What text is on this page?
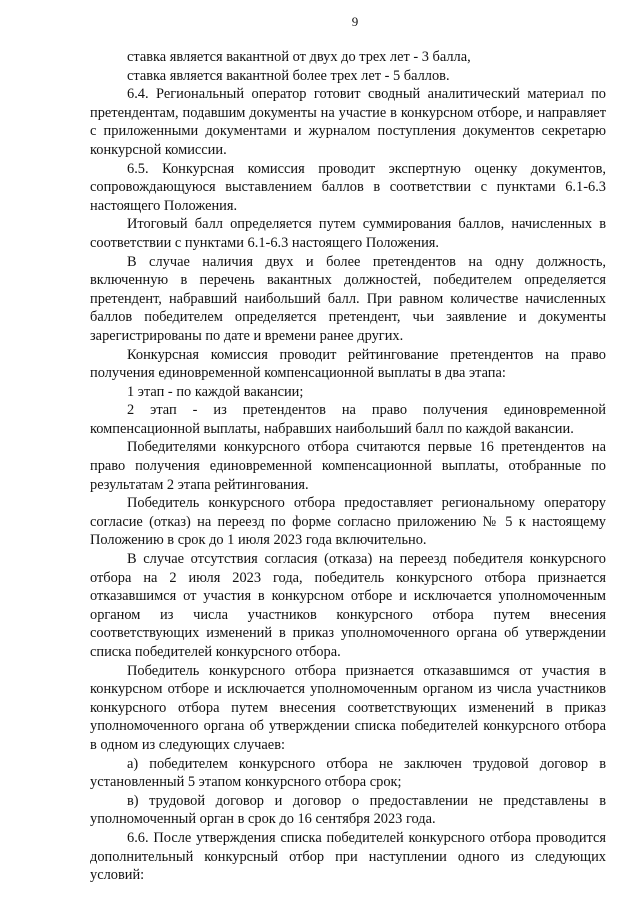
9

ставка является вакантной от двух до трех лет - 3 балла,

ставка является вакантной более трех лет - 5 баллов.

6.4. Региональный оператор готовит сводный аналитический материал по претендентам, подавшим документы на участие в конкурсном отборе, и направляет с приложенными документами и журналом поступления документов секретарю конкурсной комиссии.

6.5. Конкурсная комиссия проводит экспертную оценку документов, сопровождающуюся выставлением баллов в соответствии с пунктами 6.1-6.3 настоящего Положения.

Итоговый балл определяется путем суммирования баллов, начисленных в соответствии с пунктами 6.1-6.3 настоящего Положения.

В случае наличия двух и более претендентов на одну должность, включенную в перечень вакантных должностей, победителем определяется претендент, набравший наибольший балл. При равном количестве начисленных баллов победителем определяется претендент, чьи заявление и документы зарегистрированы по дате и времени ранее других.

Конкурсная комиссия проводит рейтингование претендентов на право получения единовременной компенсационной выплаты в два этапа:

1 этап - по каждой вакансии;

2 этап - из претендентов на право получения единовременной компенсационной выплаты, набравших наибольший балл по каждой вакансии.

Победителями конкурсного отбора считаются первые 16 претендентов на право получения единовременной компенсационной выплаты, отобранные по результатам 2 этапа рейтингования.

Победитель конкурсного отбора предоставляет региональному оператору согласие (отказ) на переезд по форме согласно приложению № 5 к настоящему Положению в срок до 1 июля 2023 года включительно.

В случае отсутствия согласия (отказа) на переезд победителя конкурсного отбора на 2 июля 2023 года, победитель конкурсного отбора признается отказавшимся от участия в конкурсном отборе и исключается уполномоченным органом из числа участников конкурсного отбора путем внесения соответствующих изменений в приказ уполномоченного органа об утверждении списка победителей конкурсного отбора.

Победитель конкурсного отбора признается отказавшимся от участия в конкурсном отборе и исключается уполномоченным органом из числа участников конкурсного отбора путем внесения соответствующих изменений в приказ уполномоченного органа об утверждении списка победителей конкурсного отбора в одном из следующих случаев:

а) победителем конкурсного отбора не заключен трудовой договор в установленный 5 этапом конкурсного отбора срок;

в) трудовой договор и договор о предоставлении не представлены в уполномоченный орган в срок до 16 сентября 2023 года.

6.6. После утверждения списка победителей конкурсного отбора проводится дополнительный конкурсный отбор при наступлении одного из следующих условий:
